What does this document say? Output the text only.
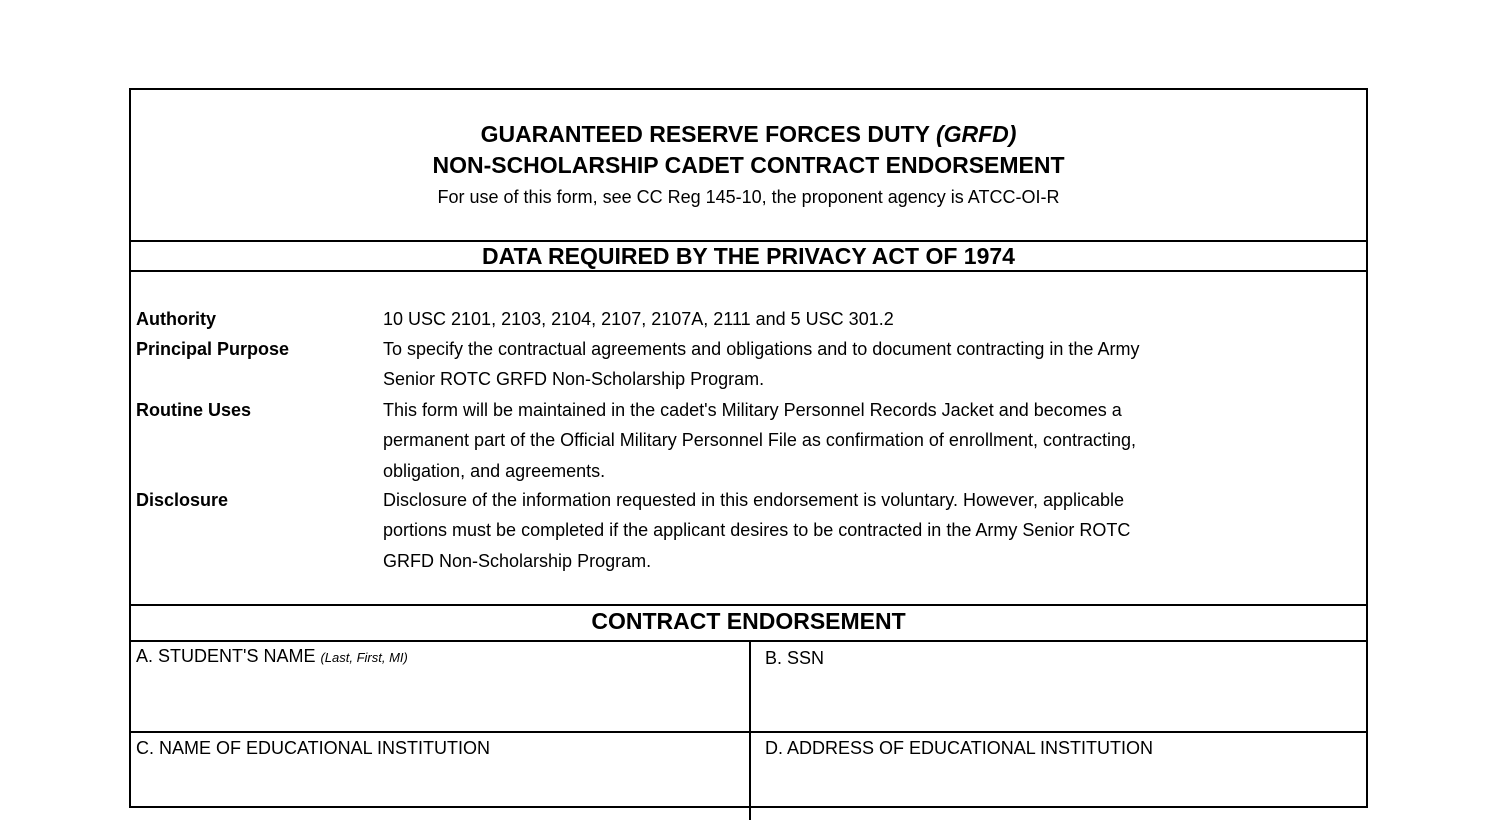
GUARANTEED RESERVE FORCES DUTY (GRFD)
NON-SCHOLARSHIP CADET CONTRACT ENDORSEMENT
For use of this form, see CC Reg 145-10, the proponent agency is ATCC-OI-R
DATA REQUIRED BY THE PRIVACY ACT OF 1974
Authority	10 USC 2101, 2103, 2104, 2107, 2107A, 2111 and 5 USC 301.2
Principal Purpose	To specify the contractual agreements and obligations and to document contracting in the Army
Senior ROTC GRFD Non-Scholarship Program.
Routine Uses	This form will be maintained in the cadet's Military Personnel Records Jacket and becomes a
permanent part of the Official Military Personnel File as confirmation of enrollment, contracting,
obligation, and agreements.
Disclosure	Disclosure of the information requested in this endorsement is voluntary. However, applicable
portions must be completed if the applicant desires to be contracted in the Army Senior ROTC
GRFD Non-Scholarship Program.
CONTRACT ENDORSEMENT
A. STUDENT'S NAME (Last, First, MI)	B. SSN
C. NAME OF EDUCATIONAL INSTITUTION	D. ADDRESS OF EDUCATIONAL INSTITUTION
